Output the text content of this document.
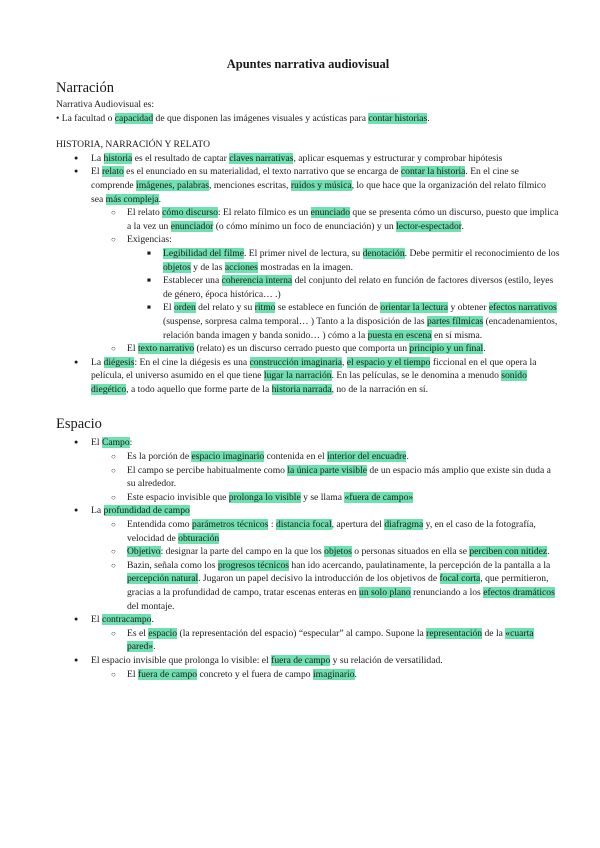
Apuntes narrativa audiovisual
Narración

Narrativa Audiovisual es:

• La facultad o capacidad de que disponen las imágenes visuales y acústicas para contar historias.

HISTORIA, NARRACIÓN Y RELATO

● La historia es el resultado de captar claves narrativas, aplicar esquemas y estructurar y comprobar hipótesis
● El relato es el enunciado en su materialidad, el texto narrativo que se encarga de contar la historia. En el cine se comprende imágenes, palabras, menciones escritas, ruidos y música, lo que hace que la organización del relato fílmico sea más compleja.
○ El relato cómo discurso: El relato fílmico es un enunciado que se presenta cómo un discurso, puesto que implica a la vez un enunciador (o cómo mínimo un foco de enunciación) y un lector-espectador.
○ Exigencias:
■ Legibilidad del filme. El primer nivel de lectura, su denotación. Debe permitir el reconocimiento de los objetos y de las acciones mostradas en la imagen.
■ Establecer una coherencia interna del conjunto del relato en función de factores diversos (estilo, leyes de género, época histórica… .)
■ El orden del relato y su ritmo se establece en función de orientar la lectura y obtener efectos narrativos (suspense, sorpresa calma temporal… ) Tanto a la disposición de las partes fílmicas (encadenamientos, relación banda imagen y banda sonido… ) cómo a la puesta en escena en sí misma.
○ El texto narrativo (relato) es un discurso cerrado puesto que comporta un principio y un final.
● La diégesis: En el cine la diégesis es una construcción imaginaria, el espacio y el tiempo ficcional en el que opera la película, el universo asumido en el que tiene lugar la narración. En las películas, se le denomina a menudo sonido diegético, a todo aquello que forme parte de la historia narrada, no de la narración en sí.
Espacio
● El Campo:
○ Es la porción de espacio imaginario contenida en el interior del encuadre.
○ El campo se percibe habitualmente como la única parte visible de un espacio más amplio que existe sin duda a su alrededor.
○ Este espacio invisible que prolonga lo visible y se llama «fuera de campo»
● La profundidad de campo
○ Entendida como parámetros técnicos : distancia focal, apertura del diafragma y, en el caso de la fotografía, velocidad de obturación
○ Objetivo: designar la parte del campo en la que los objetos o personas situados en ella se perciben con nitidez.
○ Bazin, señala como los progresos técnicos han ido acercando, paulatinamente, la percepción de la pantalla a la percepción natural. Jugaron un papel decisivo la introducción de los objetivos de focal corta, que permitieron, gracias a la profundidad de campo, tratar escenas enteras en un solo plano renunciando a los efectos dramáticos del montaje.
● El contracampo.
○ Es el espacio (la representación del espacio) “especular” al campo. Supone la representación de la «cuarta pared».
● El espacio invisible que prolonga lo visible: el fuera de campo y su relación de versatilidad.
○ El fuera de campo concreto y el fuera de campo imaginario.
